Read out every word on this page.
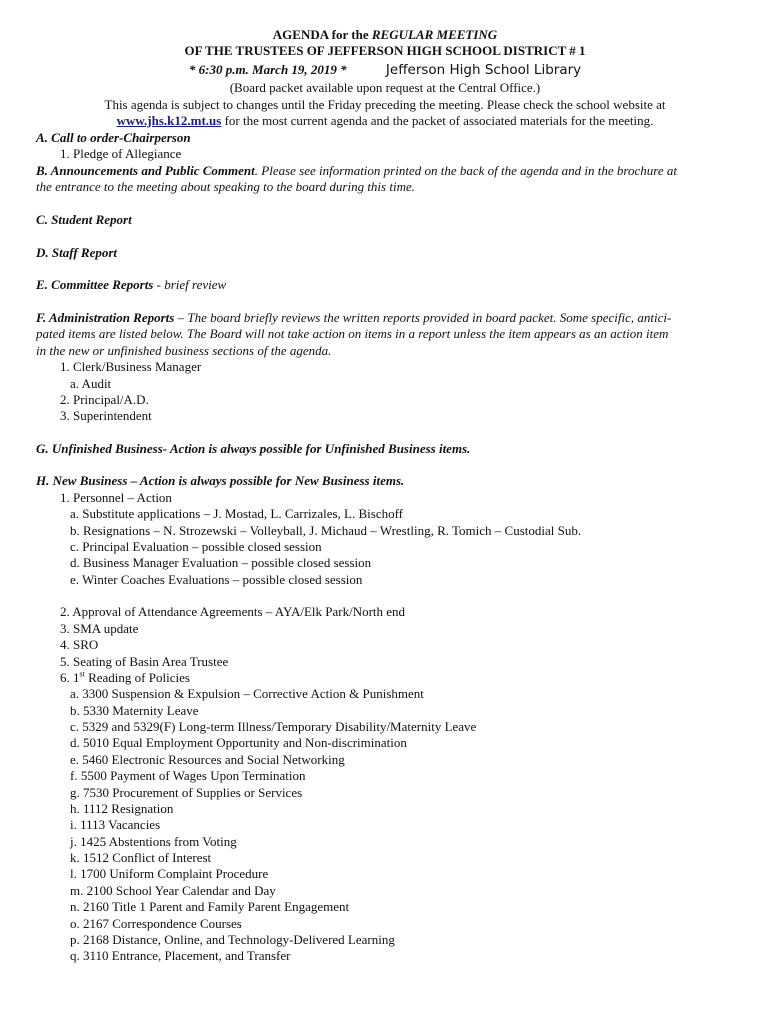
AGENDA for the REGULAR MEETING
OF THE TRUSTEES OF JEFFERSON HIGH SCHOOL DISTRICT # 1
* 6:30 p.m. March 19, 2019 *	Jefferson High School Library
(Board packet available upon request at the Central Office.)
This agenda is subject to changes until the Friday preceding the meeting. Please check the school website at
www.jhs.k12.mt.us for the most current agenda and the packet of associated materials for the meeting.
A. Call to order-Chairperson
1. Pledge of Allegiance
B. Announcements and Public Comment. Please see information printed on the back of the agenda and in the brochure at
the entrance to the meeting about speaking to the board during this time.
C. Student Report
D. Staff Report
E. Committee Reports - brief review
F. Administration Reports – The board briefly reviews the written reports provided in board packet. Some specific, antici-
pated items are listed below. The Board will not take action on items in a report unless the item appears as an action item
in the new or unfinished business sections of the agenda.
1. Clerk/Business Manager
a. Audit
2. Principal/A.D.
3. Superintendent
G. Unfinished Business- Action is always possible for Unfinished Business items.
H. New Business – Action is always possible for New Business items.
1. Personnel – Action
a. Substitute applications – J. Mostad, L. Carrizales, L. Bischoff
b. Resignations – N. Strozewski – Volleyball, J. Michaud – Wrestling, R. Tomich – Custodial Sub.
c. Principal Evaluation – possible closed session
d. Business Manager Evaluation – possible closed session
e. Winter Coaches Evaluations – possible closed session
2. Approval of Attendance Agreements – AYA/Elk Park/North end
3. SMA update
4. SRO
5. Seating of Basin Area Trustee
6. 1st Reading of Policies
a. 3300 Suspension & Expulsion – Corrective Action & Punishment
b. 5330 Maternity Leave
c. 5329 and 5329(F) Long-term Illness/Temporary Disability/Maternity Leave
d. 5010 Equal Employment Opportunity and Non-discrimination
e. 5460 Electronic Resources and Social Networking
f. 5500 Payment of Wages Upon Termination
g. 7530 Procurement of Supplies or Services
h. 1112 Resignation
i. 1113 Vacancies
j. 1425 Abstentions from Voting
k. 1512 Conflict of Interest
l. 1700 Uniform Complaint Procedure
m. 2100 School Year Calendar and Day
n. 2160 Title 1 Parent and Family Parent Engagement
o. 2167 Correspondence Courses
p. 2168 Distance, Online, and Technology-Delivered Learning
q. 3110 Entrance, Placement, and Transfer
